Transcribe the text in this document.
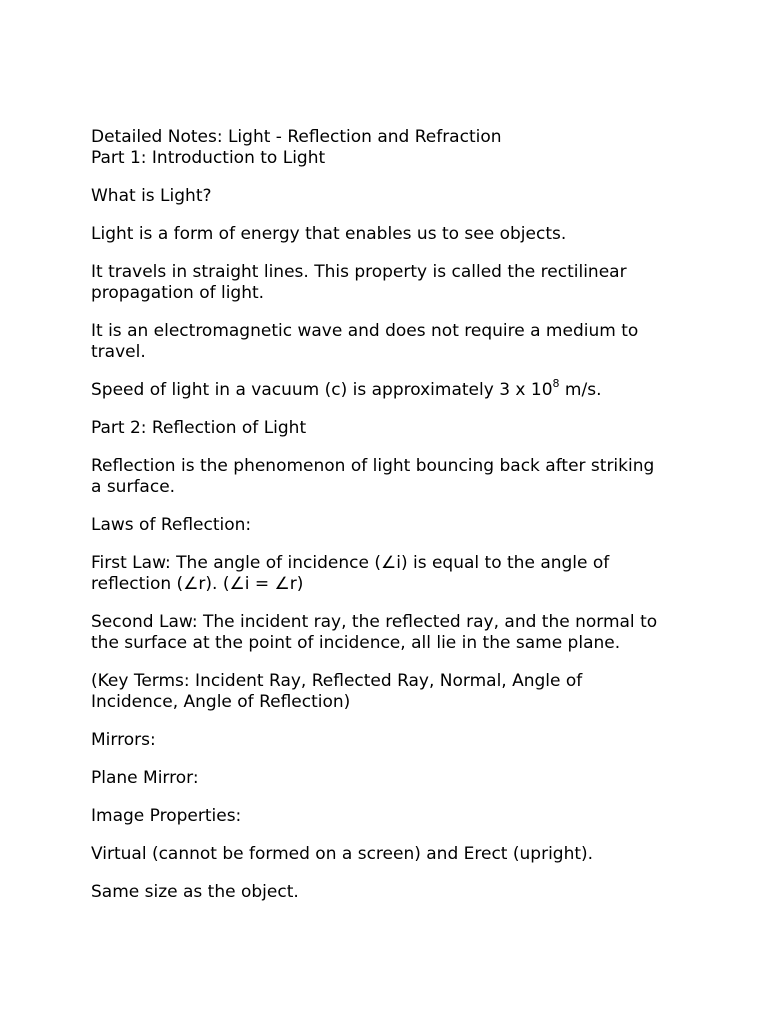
Detailed Notes: Light - Reflection and Refraction

Part 1: Introduction to Light

What is Light?

Light is a form of energy that enables us to see objects.

It travels in straight lines. This property is called the rectilinear

propagation of light.

It is an electromagnetic wave and does not require a medium to

travel.

Speed of light in a vacuum (c) is approximately 3 x $10^8$ m/s.

Part 2: Reflection of Light

Reflection is the phenomenon of light bouncing back after striking

a surface.

Laws of Reflection:

First Law: The angle of incidence (∠i) is equal to the angle of

reflection (∠r). (∠i = ∠r)

Second Law: The incident ray, the reflected ray, and the normal to

the surface at the point of incidence, all lie in the same plane.

(Key Terms: Incident Ray, Reflected Ray, Normal, Angle of

Incidence, Angle of Reflection)

Mirrors:

Plane Mirror:

Image Properties:

Virtual (cannot be formed on a screen) and Erect (upright).

Same size as the object.
